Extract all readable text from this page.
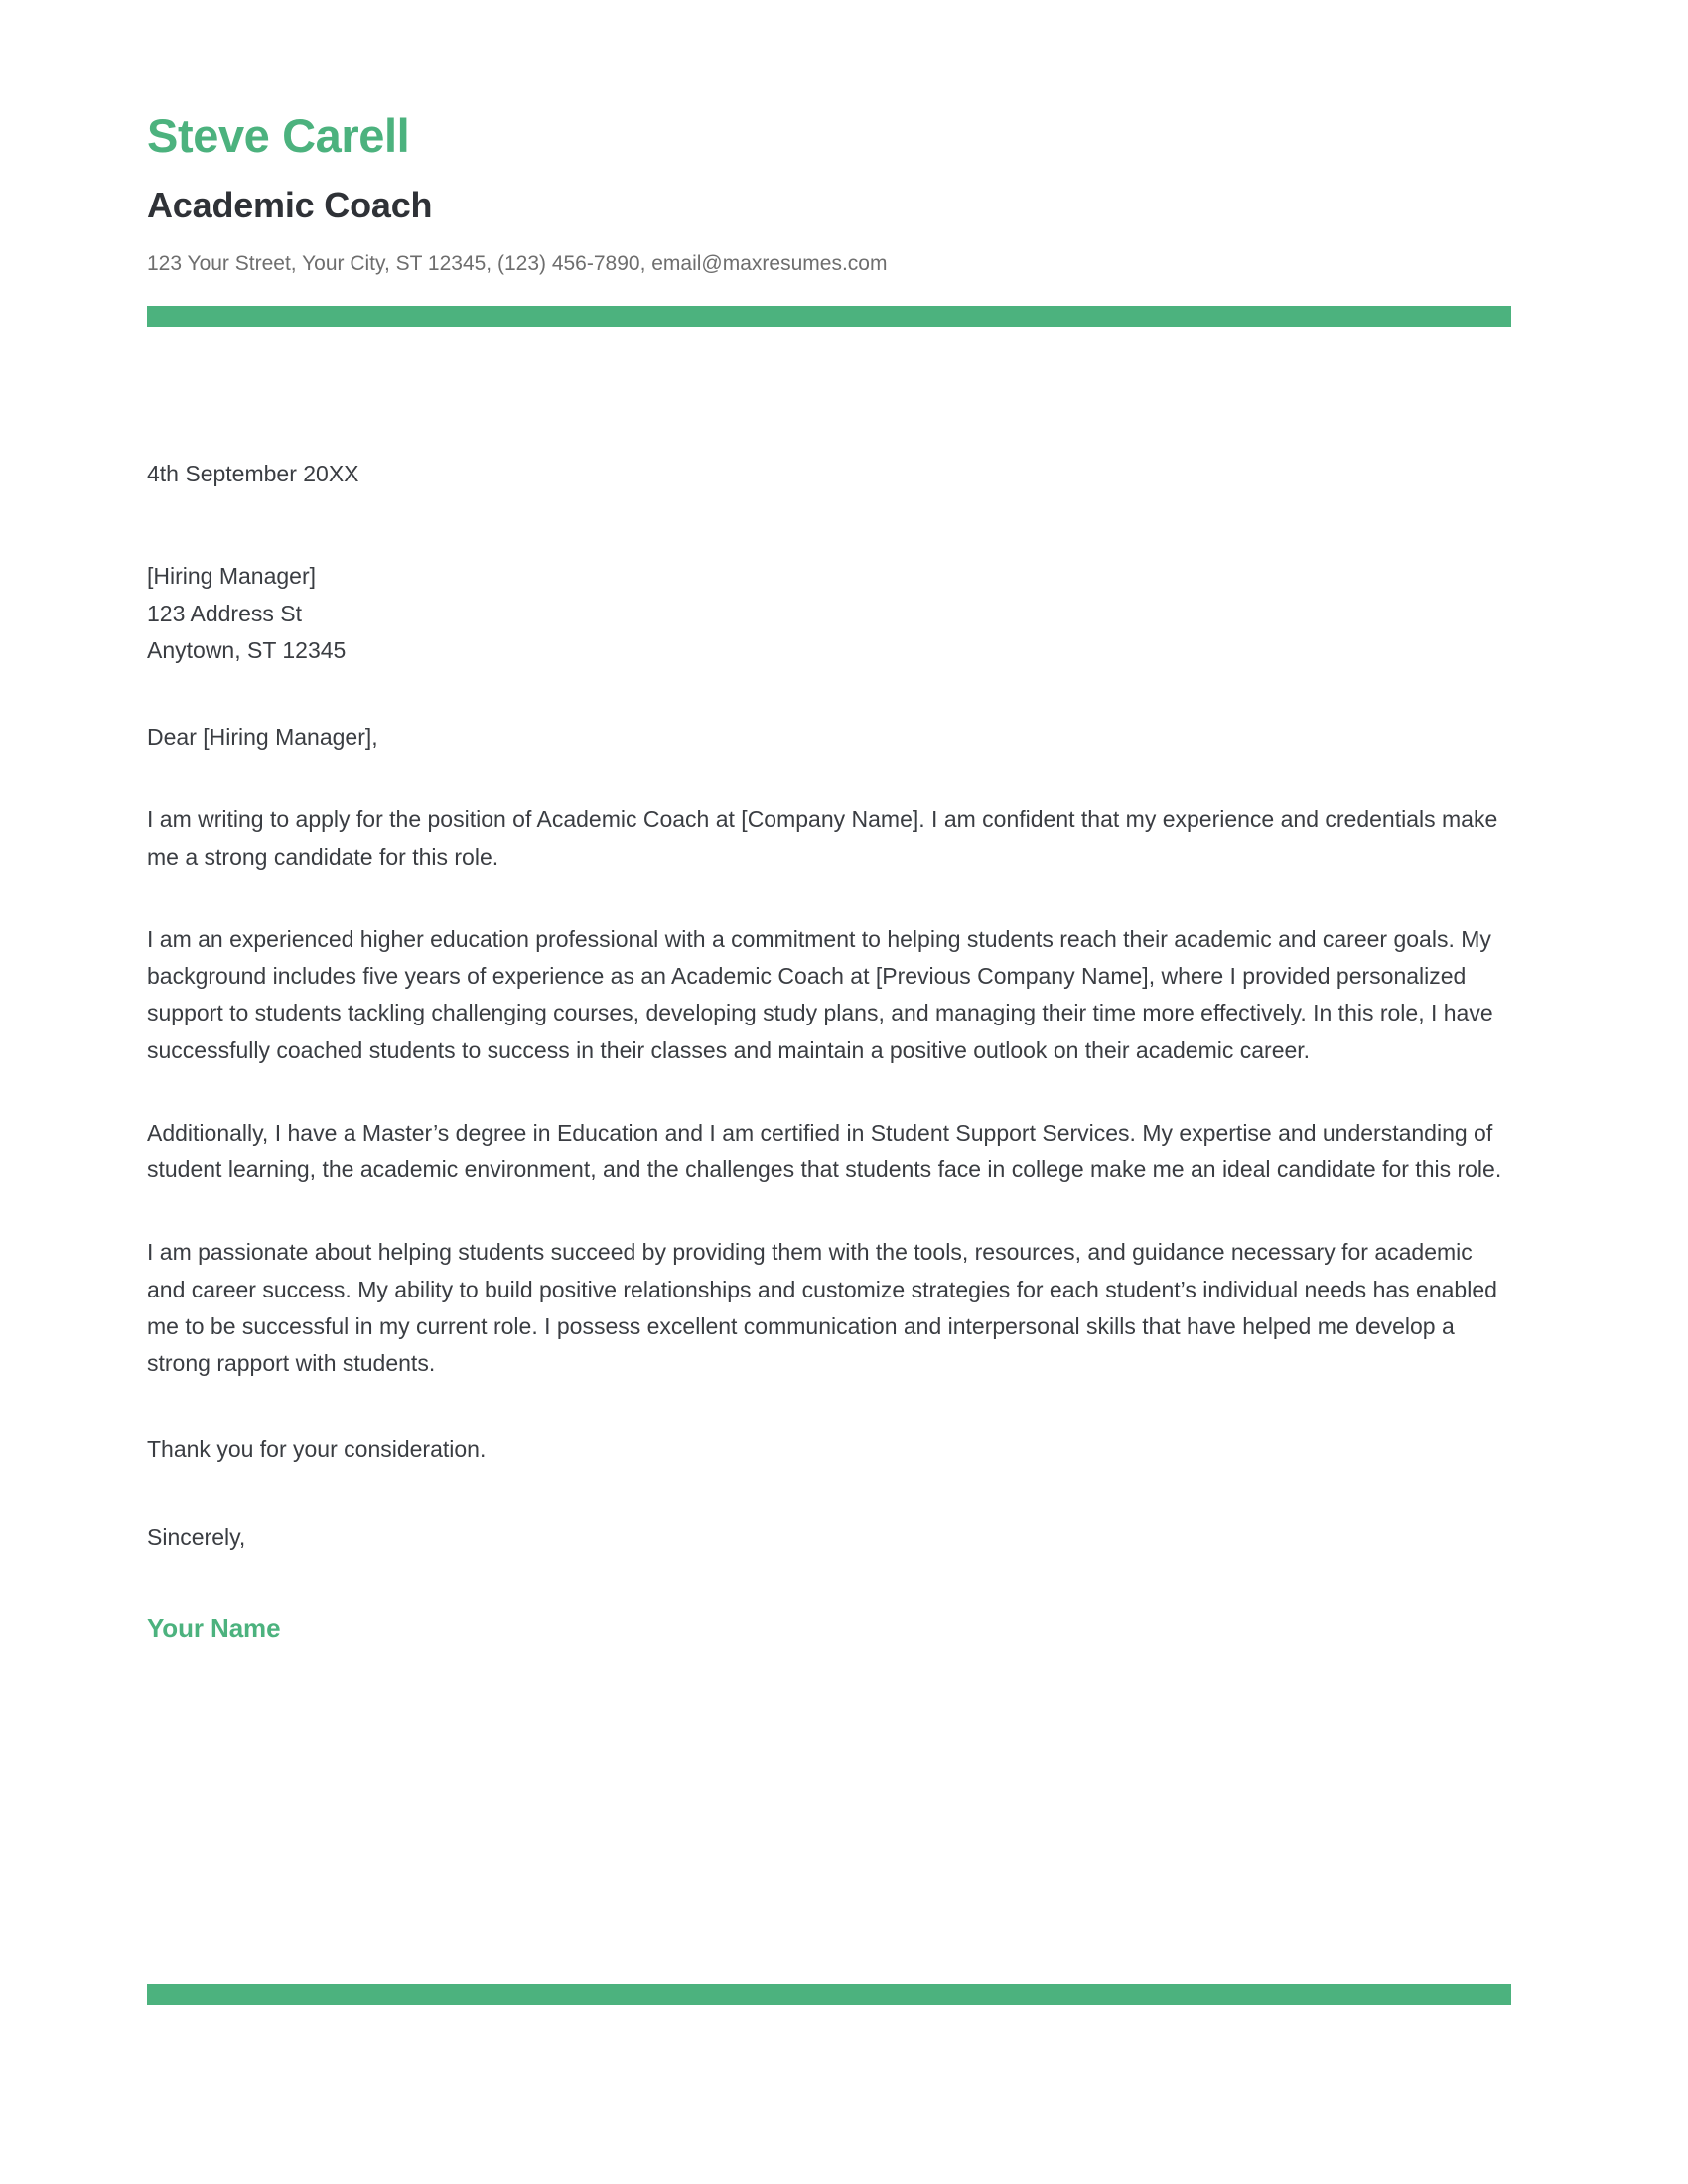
Steve Carell
Academic Coach

123 Your Street, Your City, ST 12345, (123) 456-7890, email@maxresumes.com

4th September 20XX

[Hiring Manager]

123 Address St

Anytown, ST 12345

Dear [Hiring Manager],

I am writing to apply for the position of Academic Coach at [Company Name]. I am confident that my experience and credentials make me a strong candidate for this role.

I am an experienced higher education professional with a commitment to helping students reach their academic and career goals. My background includes five years of experience as an Academic Coach at [Previous Company Name], where I provided personalized support to students tackling challenging courses, developing study plans, and managing their time more effectively. In this role, I have successfully coached students to success in their classes and maintain a positive outlook on their academic career.

Additionally, I have a Master’s degree in Education and I am certified in Student Support Services. My expertise and understanding of student learning, the academic environment, and the challenges that students face in college make me an ideal candidate for this role.

I am passionate about helping students succeed by providing them with the tools, resources, and guidance necessary for academic and career success. My ability to build positive relationships and customize strategies for each student’s individual needs has enabled me to be successful in my current role. I possess excellent communication and interpersonal skills that have helped me develop a strong rapport with students.

Thank you for your consideration.

Sincerely,

Your Name
